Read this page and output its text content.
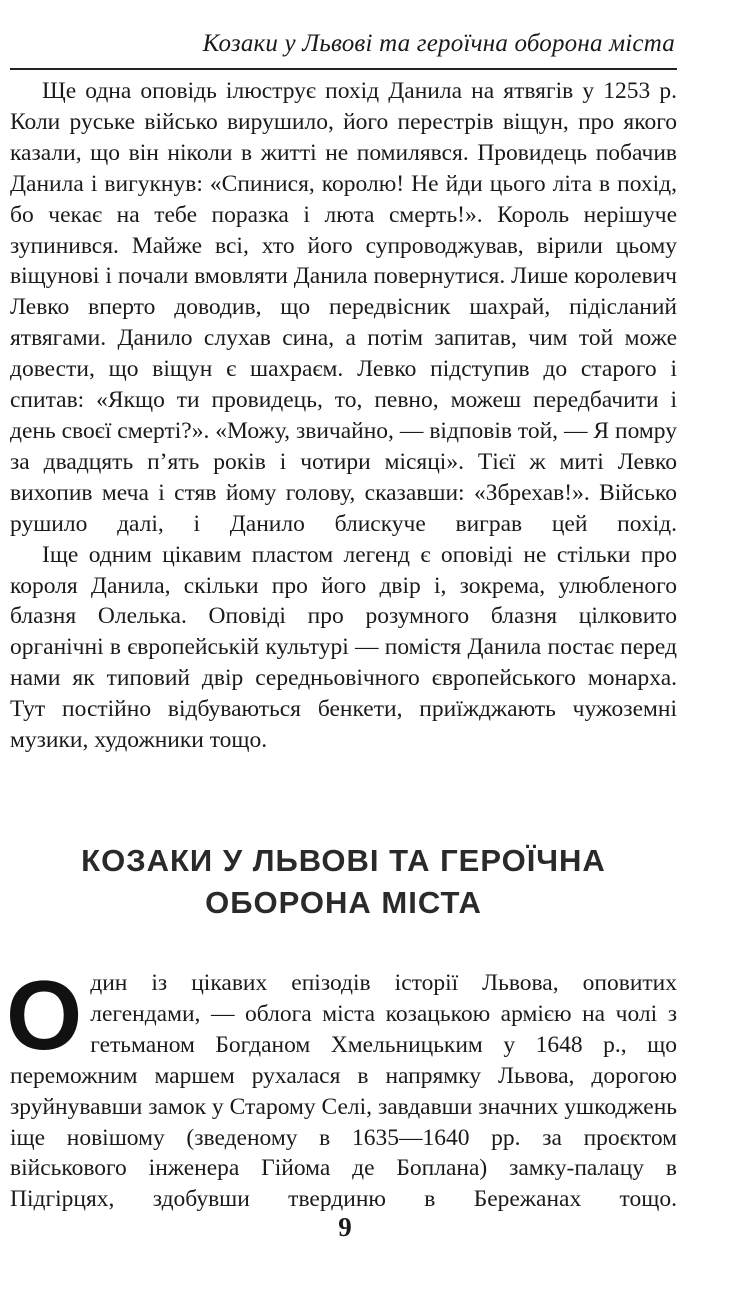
Козаки у Львові та героїчна оборона міста

Ще одна оповідь ілюструє похід Данила на ятвягів у 1253 р. Коли руське військо вирушило, його перестрів віщун, про якого казали, що він ніколи в житті не помилявся. Провидець побачив Данила і вигукнув: «Спинися, королю! Не йди цього літа в похід, бо чекає на тебе поразка і люта смерть!». Король нерішуче зупинився. Майже всі, хто його супроводжував, вірили цьому віщунові і почали вмовляти Данила повернутися. Лише королевич Левко вперто доводив, що передвісник шахрай, підісланий ятвягами. Данило слухав сина, а потім запитав, чим той може довести, що віщун є шахраєм. Левко підступив до старого і спитав: «Якщо ти провидець, то, певно, можеш передбачити і день своєї смерті?». «Можу, звичайно, — відповів той, — Я помру за двадцять п’ять років і чотири місяці». Тієї ж миті Левко вихопив меча і стяв йому голову, сказавши: «Збрехав!». Військо рушило далі, і Данило блискуче виграв цей похід.

Іще одним цікавим пластом легенд є оповіді не стільки про короля Данила, скільки про його двір і, зокрема, улюбленого блазня Олелька. Оповіді про розумного блазня цілковито органічні в європейській культурі — помістя Данила постає перед нами як типовий двір середньовічного європейського монарха. Тут постійно відбуваються бенкети, приїжджають чужоземні музики, художники тощо.

КОЗАКИ У ЛЬВОВІ ТА ГЕРОЇЧНА
ОБОРОНА МІСТА
О дин із цікавих епізодів історії Львова, оповитих легендами, — облога міста козацькою армією на чолі з гетьманом Богданом Хмельницьким у 1648 р., що переможним маршем рухалася в напрямку Львова, дорогою зруйнувавши замок у Старому Селі, завдавши значних ушкоджень іще новішому (зведеному в 1635—1640 рр. за проєктом військового інженера Гійома де Боплана) замку-палацу в Підгірцях, здобувши твердиню в Бережанах тощо.

9
